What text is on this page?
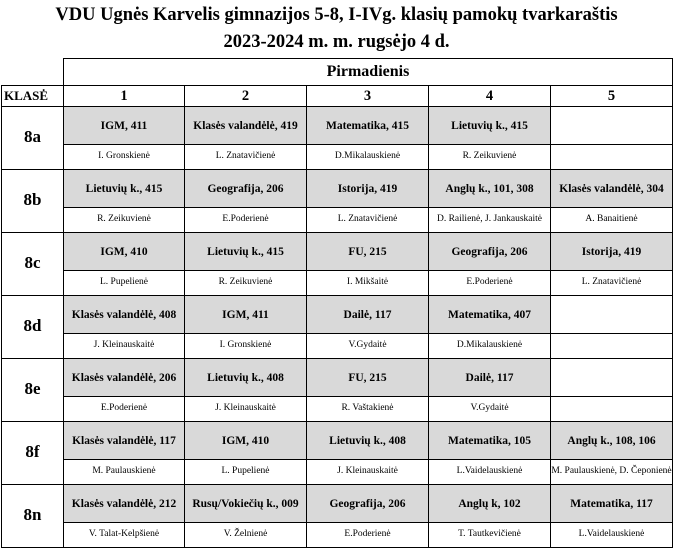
VDU Ugnės Karvelis gimnazijos 5-8, I-IVg. klasių pamokų tvarkaraštis
2023-2024 m. m. rugsėjo 4 d.
	Pirmadienis				
KLASĖ	1	2	3	4	5
8a	IGM, 411	Klasės valandėlė, 419	Matematika, 415	Lietuvių k., 415	
	I. Gronskienė	L. Znatavičienė	D.Mikalauskienė	R. Zeikuvienė	
8b	Lietuvių k., 415	Geografija, 206	Istorija, 419	Anglų k., 101, 308	Klasės valandėlė, 304
	R. Zeikuvienė	E.Poderienė	L. Znatavičienė	D. Railienė, J. Jankauskaitė	A. Banaitienė
8c	IGM, 410	Lietuvių k., 415	FU, 215	Geografija, 206	Istorija, 419
	L. Pupelienė	R. Zeikuvienė	I. Mikšaitė	E.Poderienė	L. Znatavičienė
8d	Klasės valandėlė, 408	IGM, 411	Dailė, 117	Matematika, 407	
	J. Kleinauskaitė	I. Gronskienė	V.Gydaitė	D.Mikalauskienė	
8e	Klasės valandėlė, 206	Lietuvių k., 408	FU, 215	Dailė, 117	
	E.Poderienė	J. Kleinauskaitė	R. Vaštakienė	V.Gydaitė	
8f	Klasės valandėlė, 117	IGM, 410	Lietuvių k., 408	Matematika, 105	Anglų k., 108, 106
	M. Paulauskienė	L. Pupelienė	J. Kleinauskaitė	L.Vaidelauskienė	M. Paulauskienė, D. Čeponienė
8n	Klasės valandėlė, 212	Rusų/Vokiečių k., 009	Geografija, 206	Anglų k, 102	Matematika, 117
	V. Talat-Kelpšienė	V. Želnienė	E.Poderienė	T. Tautkevičienė	L.Vaidelauskienė
